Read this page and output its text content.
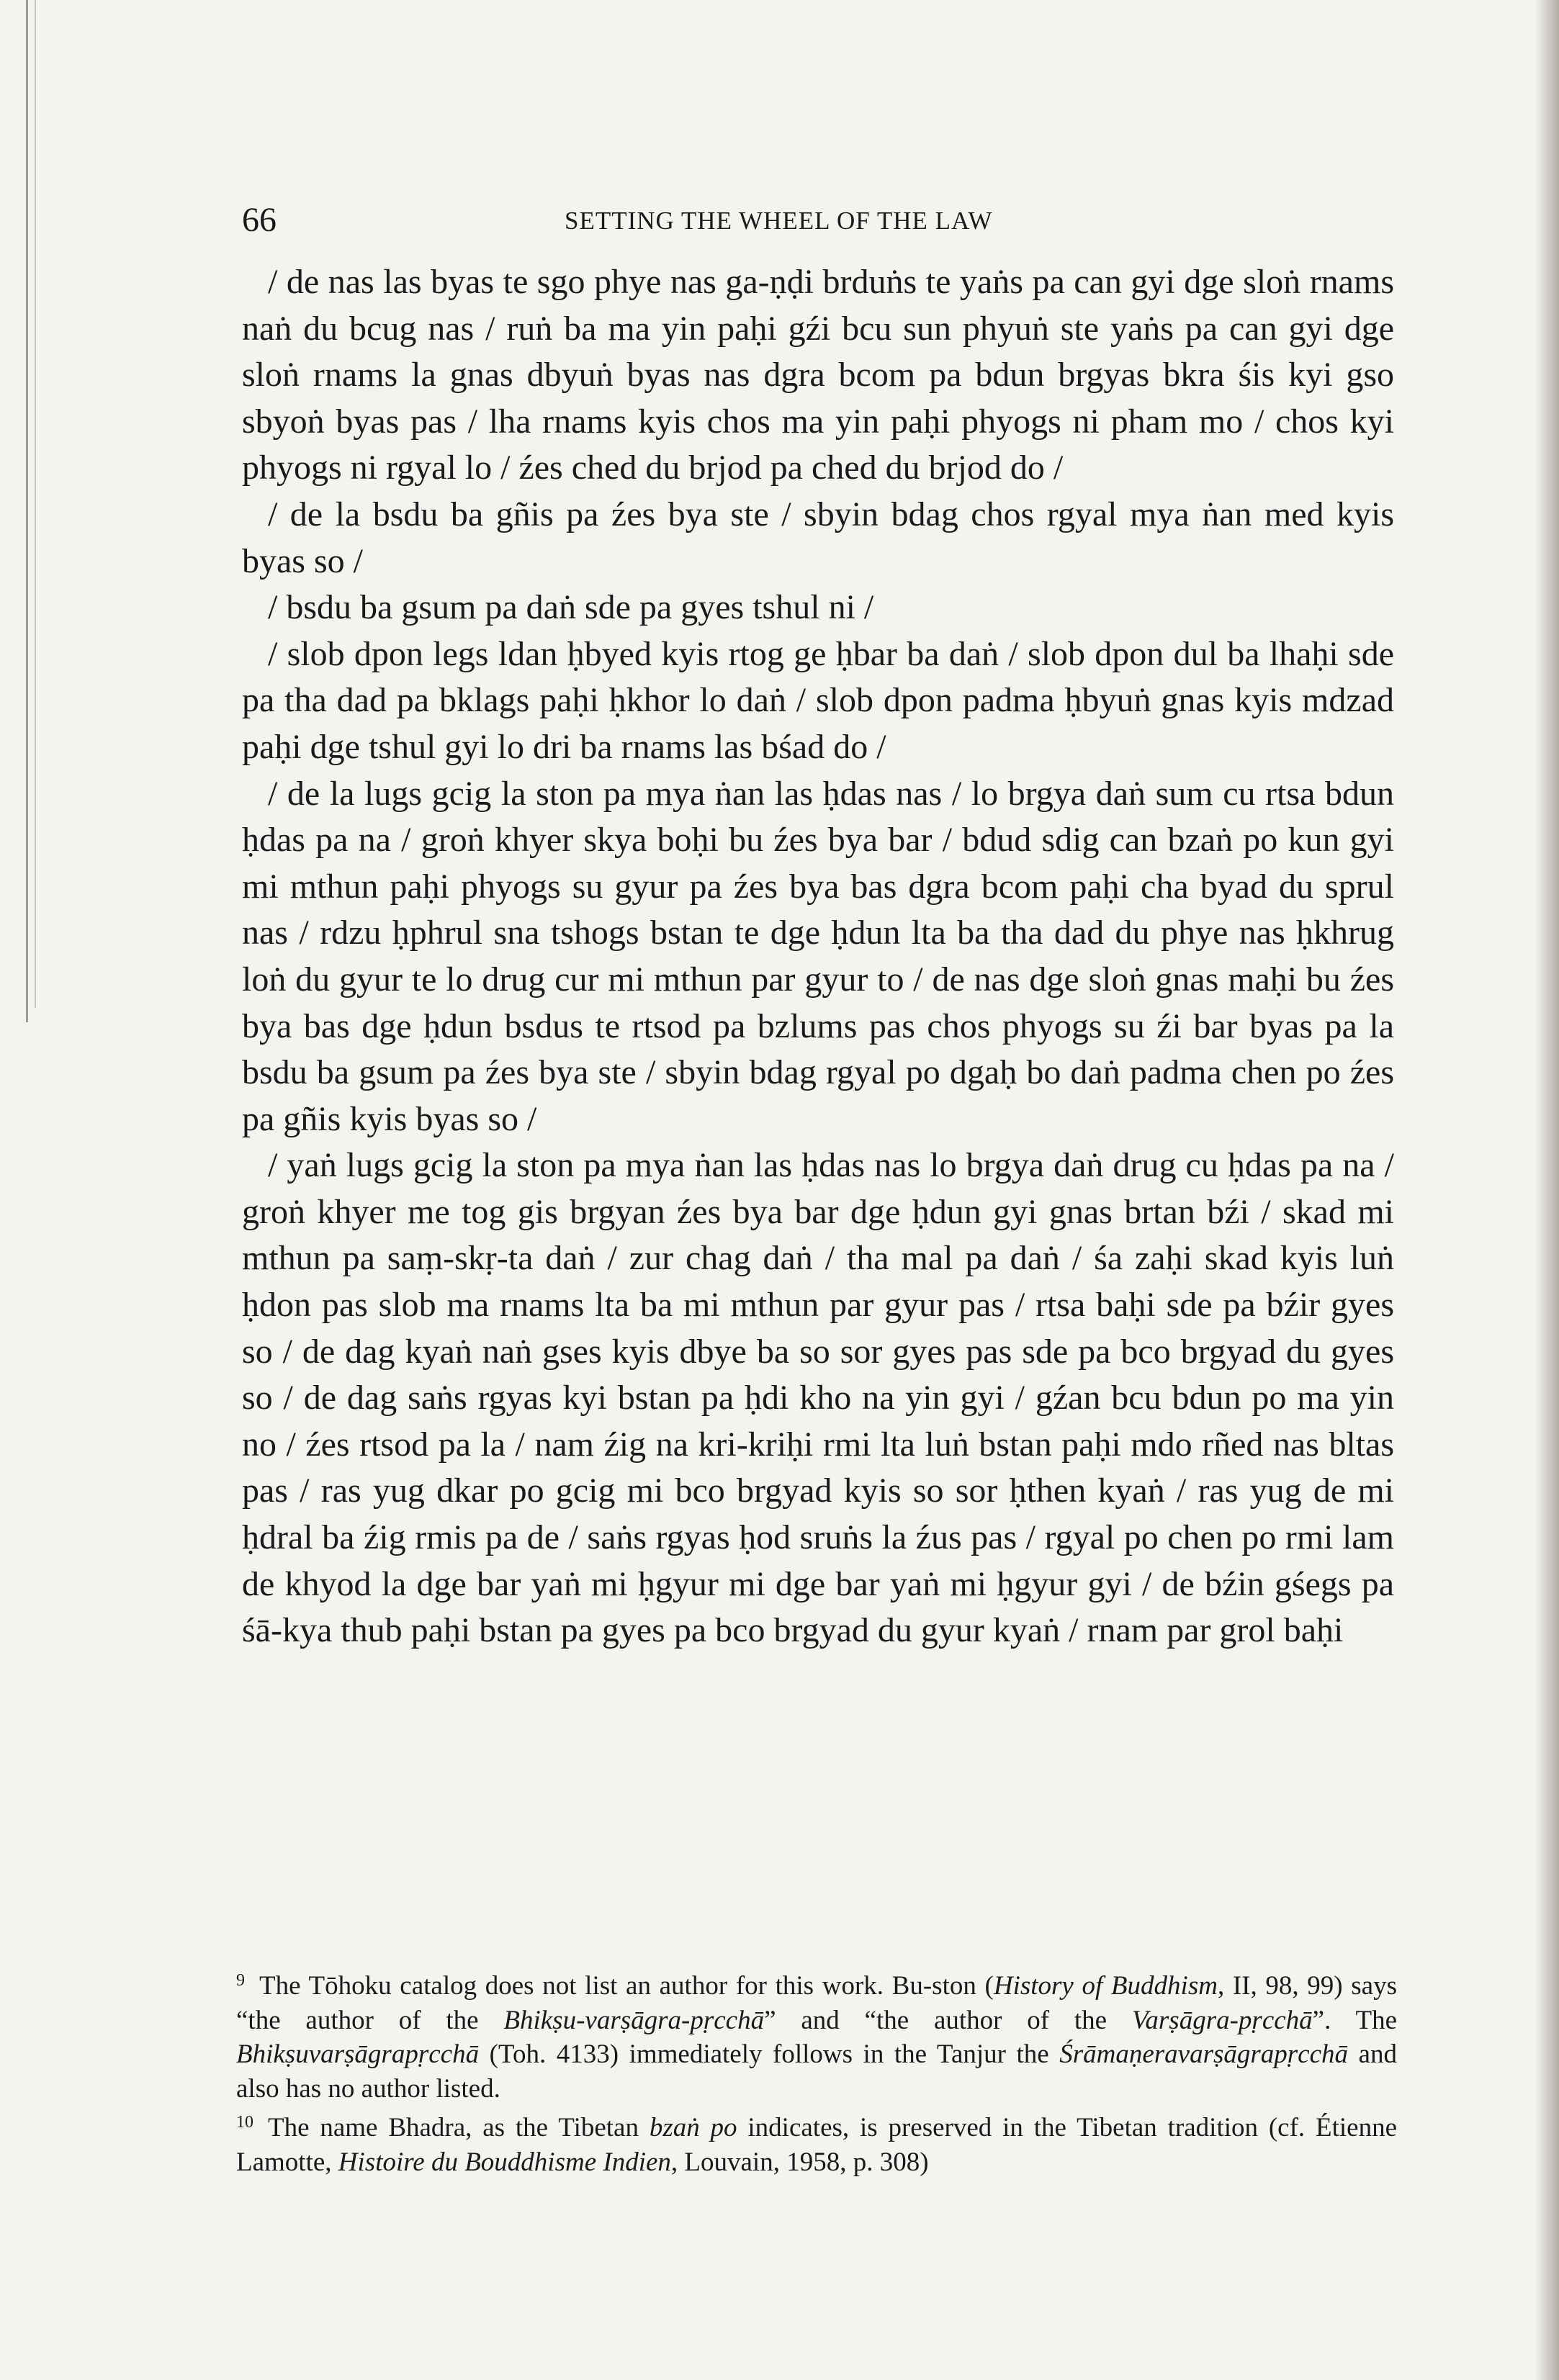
66	SETTING THE WHEEL OF THE LAW

/ de nas las byas te sgo phye nas ga-ṇḍi brduṅs te yaṅs pa can gyi dge sloṅ rnams naṅ du bcug nas / ruṅ ba ma yin paḥi gźi bcu sun phyuṅ ste yaṅs pa can gyi dge sloṅ rnams la gnas dbyuṅ byas nas dgra bcom pa bdun brgyas bkra śis kyi gso sbyoṅ byas pas / lha rnams kyis chos ma yin paḥi phyogs ni pham mo / chos kyi phyogs ni rgyal lo / źes ched du brjod pa ched du brjod do /

/ de la bsdu ba gñis pa źes bya ste / sbyin bdag chos rgyal mya ṅan med kyis byas so /

/ bsdu ba gsum pa daṅ sde pa gyes tshul ni /

/ slob dpon legs ldan ḥbyed kyis rtog ge ḥbar ba daṅ / slob dpon dul ba lhaḥi sde pa tha dad pa bklags paḥi ḥkhor lo daṅ / slob dpon padma ḥbyuṅ gnas kyis mdzad paḥi dge tshul gyi lo dri ba rnams las bśad do /

/ de la lugs gcig la ston pa mya ṅan las ḥdas nas / lo brgya daṅ sum cu rtsa bdun ḥdas pa na / groṅ khyer skya boḥi bu źes bya bar / bdud sdig can bzaṅ po kun gyi mi mthun paḥi phyogs su gyur pa źes bya bas dgra bcom paḥi cha byad du sprul nas / rdzu ḥphrul sna tshogs bstan te dge ḥdun lta ba tha dad du phye nas ḥkhrug loṅ du gyur te lo drug cur mi mthun par gyur to / de nas dge sloṅ gnas maḥi bu źes bya bas dge ḥdun bsdus te rtsod pa bzlums pas chos phyogs su źi bar byas pa la bsdu ba gsum pa źes bya ste / sbyin bdag rgyal po dgaḥ bo daṅ padma chen po źes pa gñis kyis byas so /

/ yaṅ lugs gcig la ston pa mya ṅan las ḥdas nas lo brgya daṅ drug cu ḥdas pa na / groṅ khyer me tog gis brgyan źes bya bar dge ḥdun gyi gnas brtan bźi / skad mi mthun pa saṃ-skṛ-ta daṅ / zur chag daṅ / tha mal pa daṅ / śa zaḥi skad kyis luṅ ḥdon pas slob ma rnams lta ba mi mthun par gyur pas / rtsa baḥi sde pa bźir gyes so / de dag kyaṅ naṅ gses kyis dbye ba so sor gyes pas sde pa bco brgyad du gyes so / de dag saṅs rgyas kyi bstan pa ḥdi kho na yin gyi / gźan bcu bdun po ma yin no / źes rtsod pa la / nam źig na kri-kriḥi rmi lta luṅ bstan paḥi mdo rñed nas bltas pas / ras yug dkar po gcig mi bco brgyad kyis so sor ḥthen kyaṅ / ras yug de mi ḥdral ba źig rmis pa de / saṅs rgyas ḥod sruṅs la źus pas / rgyal po chen po rmi lam de khyod la dge bar yaṅ mi ḥgyur mi dge bar yaṅ mi ḥgyur gyi / de bźin gśegs pa śā-kya thub paḥi bstan pa gyes pa bco brgyad du gyur kyaṅ / rnam par grol baḥi

$^9$ The Tōhoku catalog does not list an author for this work. Bu-ston (History of Buddhism, II, 98, 99) says “the author of the Bhikṣu-varṣāgra-pṛcchā” and “the author of the Varṣāgra-pṛcchā”. The Bhikṣuvarṣāgrapṛcchā (Toh. 4133) immediately follows in the Tanjur the Śrāmaṇeravarṣāgrapṛcchā and also has no author listed.

$^{10}$ The name Bhadra, as the Tibetan bzaṅ po indicates, is preserved in the Tibetan tradition (cf. Étienne Lamotte, Histoire du Bouddhisme Indien, Louvain, 1958, p. 308)
